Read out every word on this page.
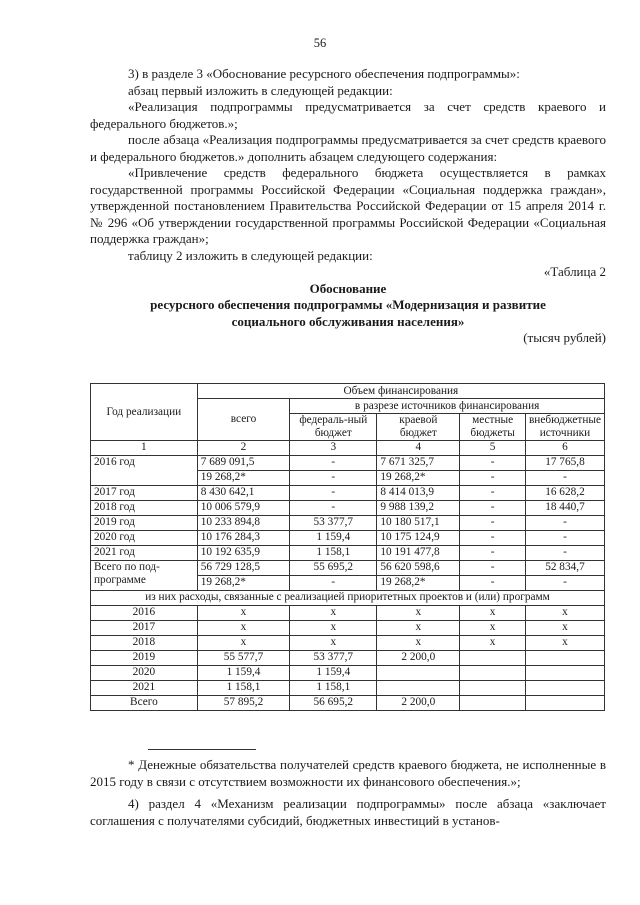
56

3) в разделе 3 «Обоснование ресурсного обеспечения подпрограммы»:

абзац первый изложить в следующей редакции:

«Реализация подпрограммы предусматривается за счет средств краевого и федерального бюджетов.»;

после абзаца «Реализация подпрограммы предусматривается за счет средств краевого и федерального бюджетов.» дополнить абзацем следующего содержания:

«Привлечение средств федерального бюджета осуществляется в рамках государственной программы Российской Федерации «Социальная поддержка граждан», утвержденной постановлением Правительства Российской Федерации от 15 апреля 2014 г. № 296 «Об утверждении государственной программы Российской Федерации «Социальная поддержка граждан»;

таблицу 2 изложить в следующей редакции:

«Таблица 2

Обоснование

ресурсного обеспечения подпрограммы «Модернизация и развитие

социального обслуживания населения»

(тысяч рублей)

Год реализации	Объем финансирования				
	всего	в разрезе источников финансирования			
		федераль-ный бюджет	краевой бюджет	местные бюджеты	внебюджетные источники
1	2	3	4	5	6
2016 год	7 689 091,5	-	7 671 325,7	-	17 765,8
	19 268,2*	-	19 268,2*	-	-
2017 год	8 430 642,1	-	8 414 013,9	-	16 628,2
2018 год	10 006 579,9	-	9 988 139,2	-	18 440,7
2019 год	10 233 894,8	53 377,7	10 180 517,1	-	-
2020 год	10 176 284,3	1 159,4	10 175 124,9	-	-
2021 год	10 192 635,9	1 158,1	10 191 477,8	-	-
Всего по под-программе	56 729 128,5	55 695,2	56 620 598,6	-	52 834,7
	19 268,2*	-	19 268,2*	-	-
из них расходы, связанные с реализацией приоритетных проектов и (или) программ					
2016	x	x	x	x	x
2017	x	x	x	x	x
2018	x	x	x	x	x
2019	55 577,7	53 377,7	2 200,0		
2020	1 159,4	1 159,4			
2021	1 158,1	1 158,1			
Всего	57 895,2	56 695,2	2 200,0		

* Денежные обязательства получателей средств краевого бюджета, не исполненные в 2015 году в связи с отсутствием возможности их финансового обеспечения.»;

4) раздел 4 «Механизм реализации подпрограммы» после абзаца «заключает соглашения с получателями субсидий, бюджетных инвестиций в установ-
